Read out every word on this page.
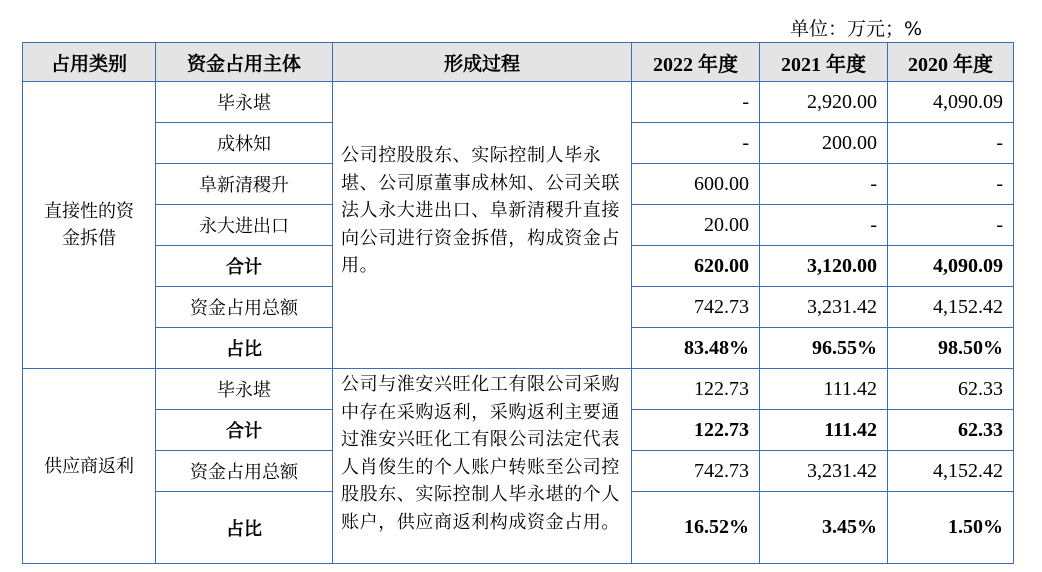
单位：万元；%
占用类别	资金占用主体	形成过程	2022 年度	2021 年度	2020 年度
直接性的资
金拆借	毕永堪	公司控股股东、实际控制人毕永堪、公司原董事成林知、公司关联法人永大进出口、阜新清稷升直接向公司进行资金拆借，构成资金占用。	-	2,920.00	4,090.09
	成林知		-	200.00	-
	阜新清稷升		600.00	-	-
	永大进出口		20.00	-	-
	合计		620.00	3,120.00	4,090.09
	资金占用总额		742.73	3,231.42	4,152.42
	占比		83.48%	96.55%	98.50%
供应商返利	毕永堪	公司与淮安兴旺化工有限公司采购中存在采购返利，采购返利主要通过淮安兴旺化工有限公司法定代表人肖俊生的个人账户转账至公司控股股东、实际控制人毕永堪的个人账户，供应商返利构成资金占用。	122.73	111.42	62.33
	合计		122.73	111.42	62.33
	资金占用总额		742.73	3,231.42	4,152.42
	占比		16.52%	3.45%	1.50%
